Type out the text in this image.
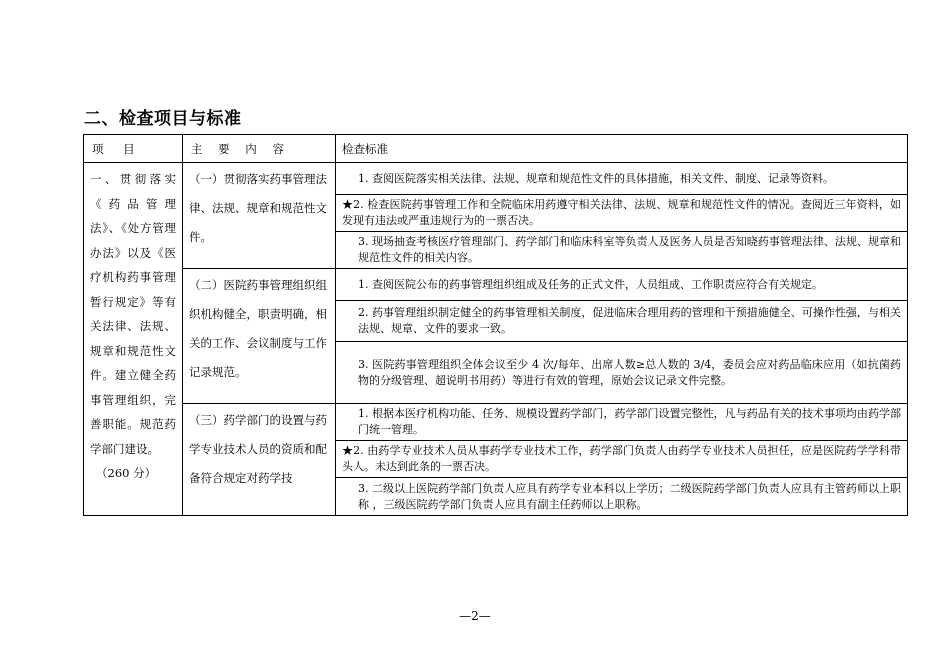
二、检查项目与标准
项 目	主 要 内 容	检查标准
一、贯彻落实《药品管理法》、《处方管理办法》以及《医疗机构药事管理暂行规定》等有关法律、法规、规章和规范性文件。建立健全药事管理组织，完善职能。规范药学部门建设。
（260 分）	（一）贯彻落实药事管理法律、法规、规章和规范性文件。	1. 查阅医院落实相关法律、法规、规章和规范性文件的具体措施，相关文件、制度、记录等资料。
		★2. 检查医院药事管理工作和全院临床用药遵守相关法律、法规、规章和规范性文件的情况。查阅近三年资料，如发现有违法或严重违规行为的一票否决。
		3. 现场抽查考核医疗管理部门、药学部门和临床科室等负责人及医务人员是否知晓药事管理法律、法规、规章和规范性文件的相关内容。
	（二）医院药事管理组织组织机构健全，职责明确，相关的工作、会议制度与工作记录规范。	1. 查阅医院公布的药事管理组织组成及任务的正式文件，人员组成、工作职责应符合有关规定。
		2. 药事管理组织制定健全的药事管理相关制度，促进临床合理用药的管理和干预措施健全、可操作性强，与相关法规、规章、文件的要求一致。
		3. 医院药事管理组织全体会议至少 4 次/每年、出席人数≥总人数的 3/4，委员会应对药品临床应用（如抗菌药物的分级管理、超说明书用药）等进行有效的管理，原始会议记录文件完整。
	（三）药学部门的设置与药学专业技术人员的资质和配备符合规定对药学技	1. 根据本医疗机构功能、任务、规模设置药学部门，药学部门设置完整性，凡与药品有关的技术事项均由药学部门统一管理。
		★2. 由药学专业技术人员从事药学专业技术工作，药学部门负责人由药学专业技术人员担任，应是医院药学学科带头人。未达到此条的一票否决。
		3. 二级以上医院药学部门负责人应具有药学专业本科以上学历；二级医院药学部门负责人应具有主管药师以上职称 ，三级医院药学部门负责人应具有副主任药师以上职称。
—2—
